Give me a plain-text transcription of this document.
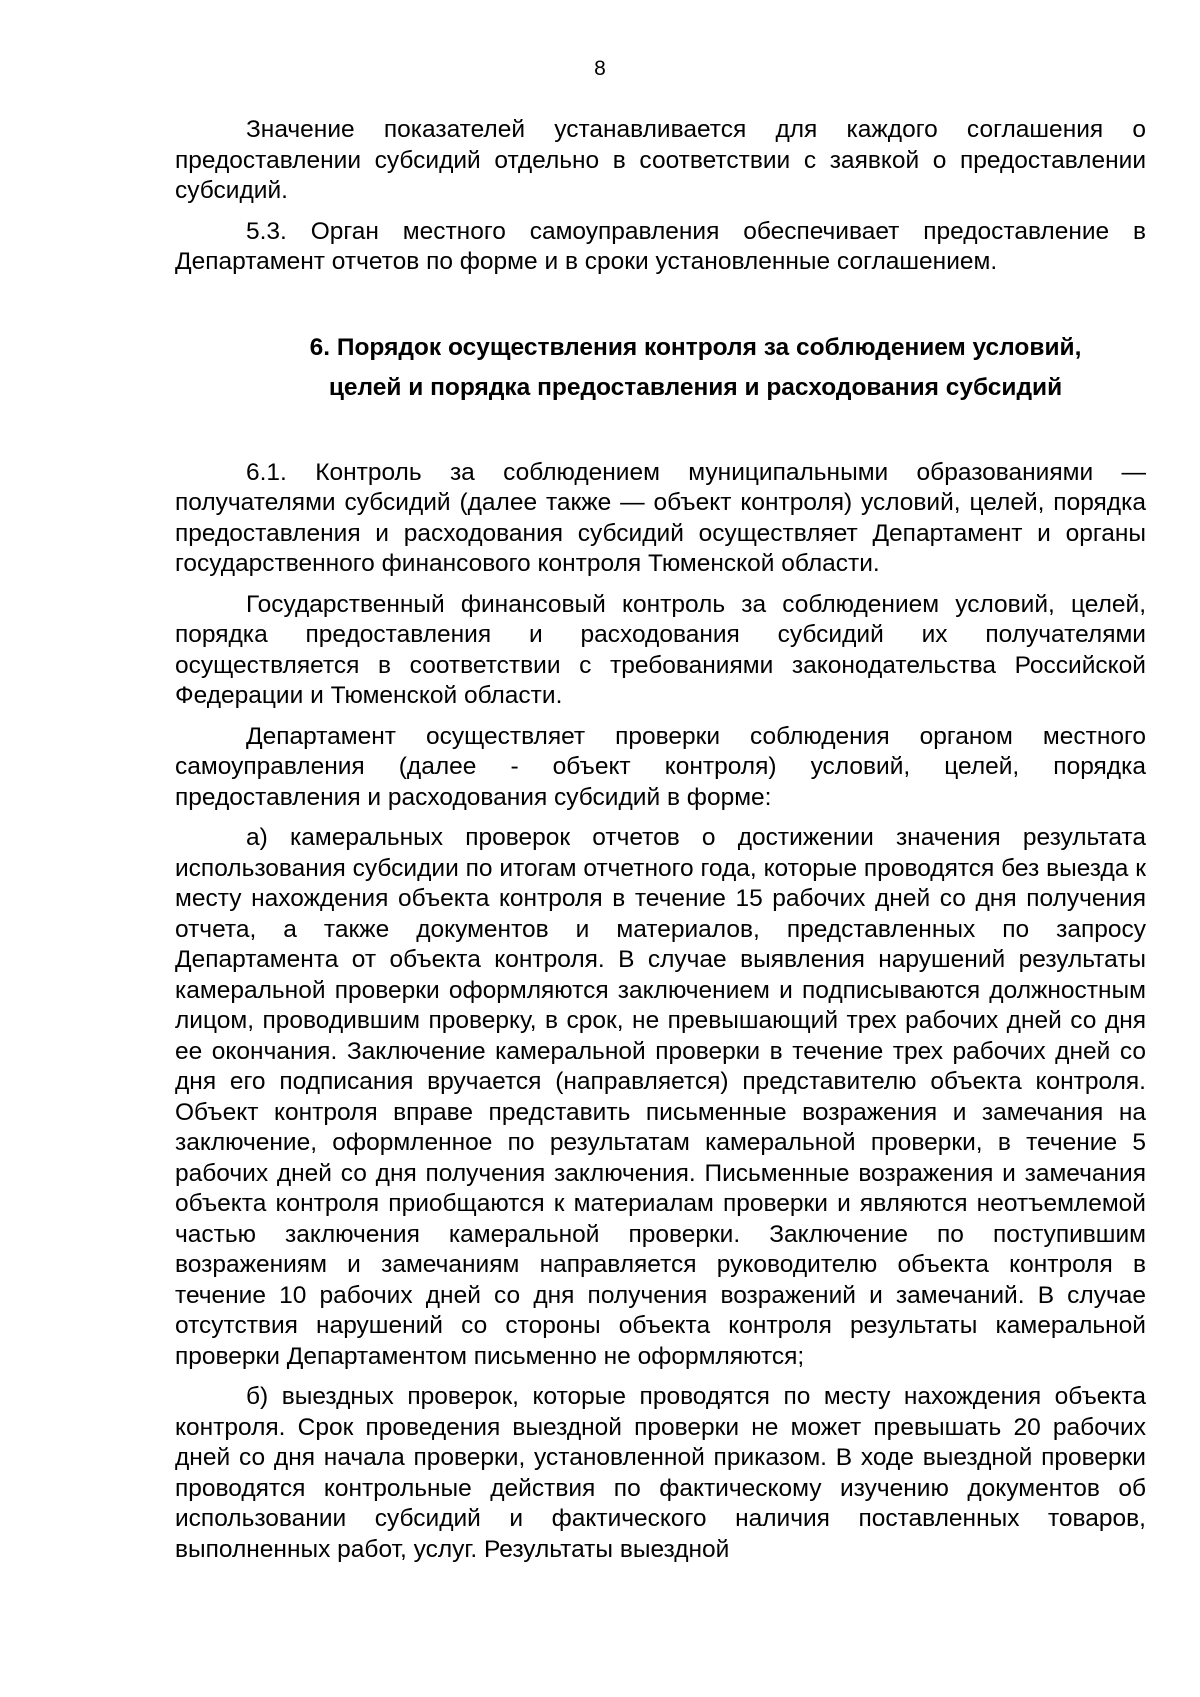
8

Значение показателей устанавливается для каждого соглашения о предоставлении субсидий отдельно в соответствии с заявкой о предоставлении субсидий.

5.3. Орган местного самоуправления обеспечивает предоставление в Департамент отчетов по форме и в сроки установленные соглашением.

6. Порядок осуществления контроля за соблюдением условий,
целей и порядка предоставления и расходования субсидий

6.1. Контроль за соблюдением муниципальными образованиями — получателями субсидий (далее также — объект контроля) условий, целей, порядка предоставления и расходования субсидий осуществляет Департамент и органы государственного финансового контроля Тюменской области.

Государственный финансовый контроль за соблюдением условий, целей, порядка предоставления и расходования субсидий их получателями осуществляется в соответствии с требованиями законодательства Российской Федерации и Тюменской области.

Департамент осуществляет проверки соблюдения органом местного самоуправления (далее - объект контроля) условий, целей, порядка предоставления и расходования субсидий в форме:

а) камеральных проверок отчетов о достижении значения результата использования субсидии по итогам отчетного года, которые проводятся без выезда к месту нахождения объекта контроля в течение 15 рабочих дней со дня получения отчета, а также документов и материалов, представленных по запросу Департамента от объекта контроля. В случае выявления нарушений результаты камеральной проверки оформляются заключением и подписываются должностным лицом, проводившим проверку, в срок, не превышающий трех рабочих дней со дня ее окончания. Заключение камеральной проверки в течение трех рабочих дней со дня его подписания вручается (направляется) представителю объекта контроля. Объект контроля вправе представить письменные возражения и замечания на заключение, оформленное по результатам камеральной проверки, в течение 5 рабочих дней со дня получения заключения. Письменные возражения и замечания объекта контроля приобщаются к материалам проверки и являются неотъемлемой частью заключения камеральной проверки. Заключение по поступившим возражениям и замечаниям направляется руководителю объекта контроля в течение 10 рабочих дней со дня получения возражений и замечаний. В случае отсутствия нарушений со стороны объекта контроля результаты камеральной проверки Департаментом письменно не оформляются;

б) выездных проверок, которые проводятся по месту нахождения объекта контроля. Срок проведения выездной проверки не может превышать 20 рабочих дней со дня начала проверки, установленной приказом. В ходе выездной проверки проводятся контрольные действия по фактическому изучению документов об использовании субсидий и фактического наличия поставленных товаров, выполненных работ, услуг. Результаты выездной
